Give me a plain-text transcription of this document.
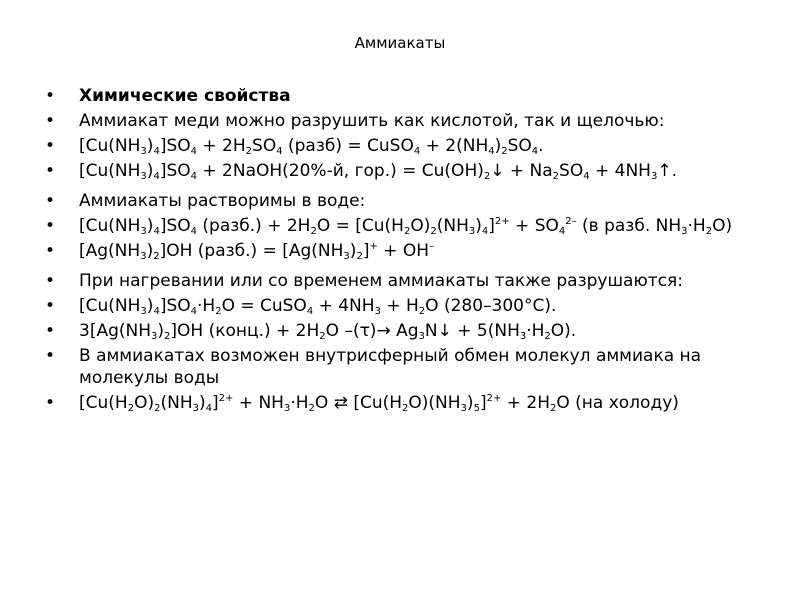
Аммиакаты
• Химические свойства
• Аммиакат меди можно разрушить как кислотой, так и щелочью:
• $[Cu(NH_3)_4]SO_4 + 2H_2SO_4$ (разб) = CuSO$_4$ + $2(NH_4)_2SO_4$.
• $[Cu(NH_3)_4]SO_4$ + 2NaOH(20%-й, $гор.) = Cu(OH)_2↓ + Na_2SO_4$ + $4NH_3↑$.
• Аммиакаты растворимы в воде:
• $[Cu(NH_3)_4]SO_4$ (разб.) + $2H_2O = [Cu(H_2O)_2(NH_3)_4]^{2+} + SO_4^{2-}$ (в разб. $NH_3\cdot H_2O$)
• $[Ag(NH_3)_2]OH$ (разб.) = $[Ag(NH_3)_2]^+ + OH^-$
• При нагревании или со временем аммиакаты также разрушаются:
• $[Cu(NH_3)_4]SO_4\cdot H_2O$ = CuSO$_4$ + $4NH_3 + H_2O$ (280–300°C).
• $3[Ag(NH_3)_2]OH$ (конц.) + $2H_2O$ $-(\tau)\to Ag_3N↓ + 5(NH_3\cdot H_2O)$.
• В аммиакатах возможен внутрисферный обмен молекул аммиака на молекулы воды
• $[Cu(H_2O)_2(NH_3)_4]^{2+} + NH_3\cdot H_2O$ ⇄ $[Cu(H_2O)(NH_3)_5]^{2+} + 2H_2O$ (на холоду)
